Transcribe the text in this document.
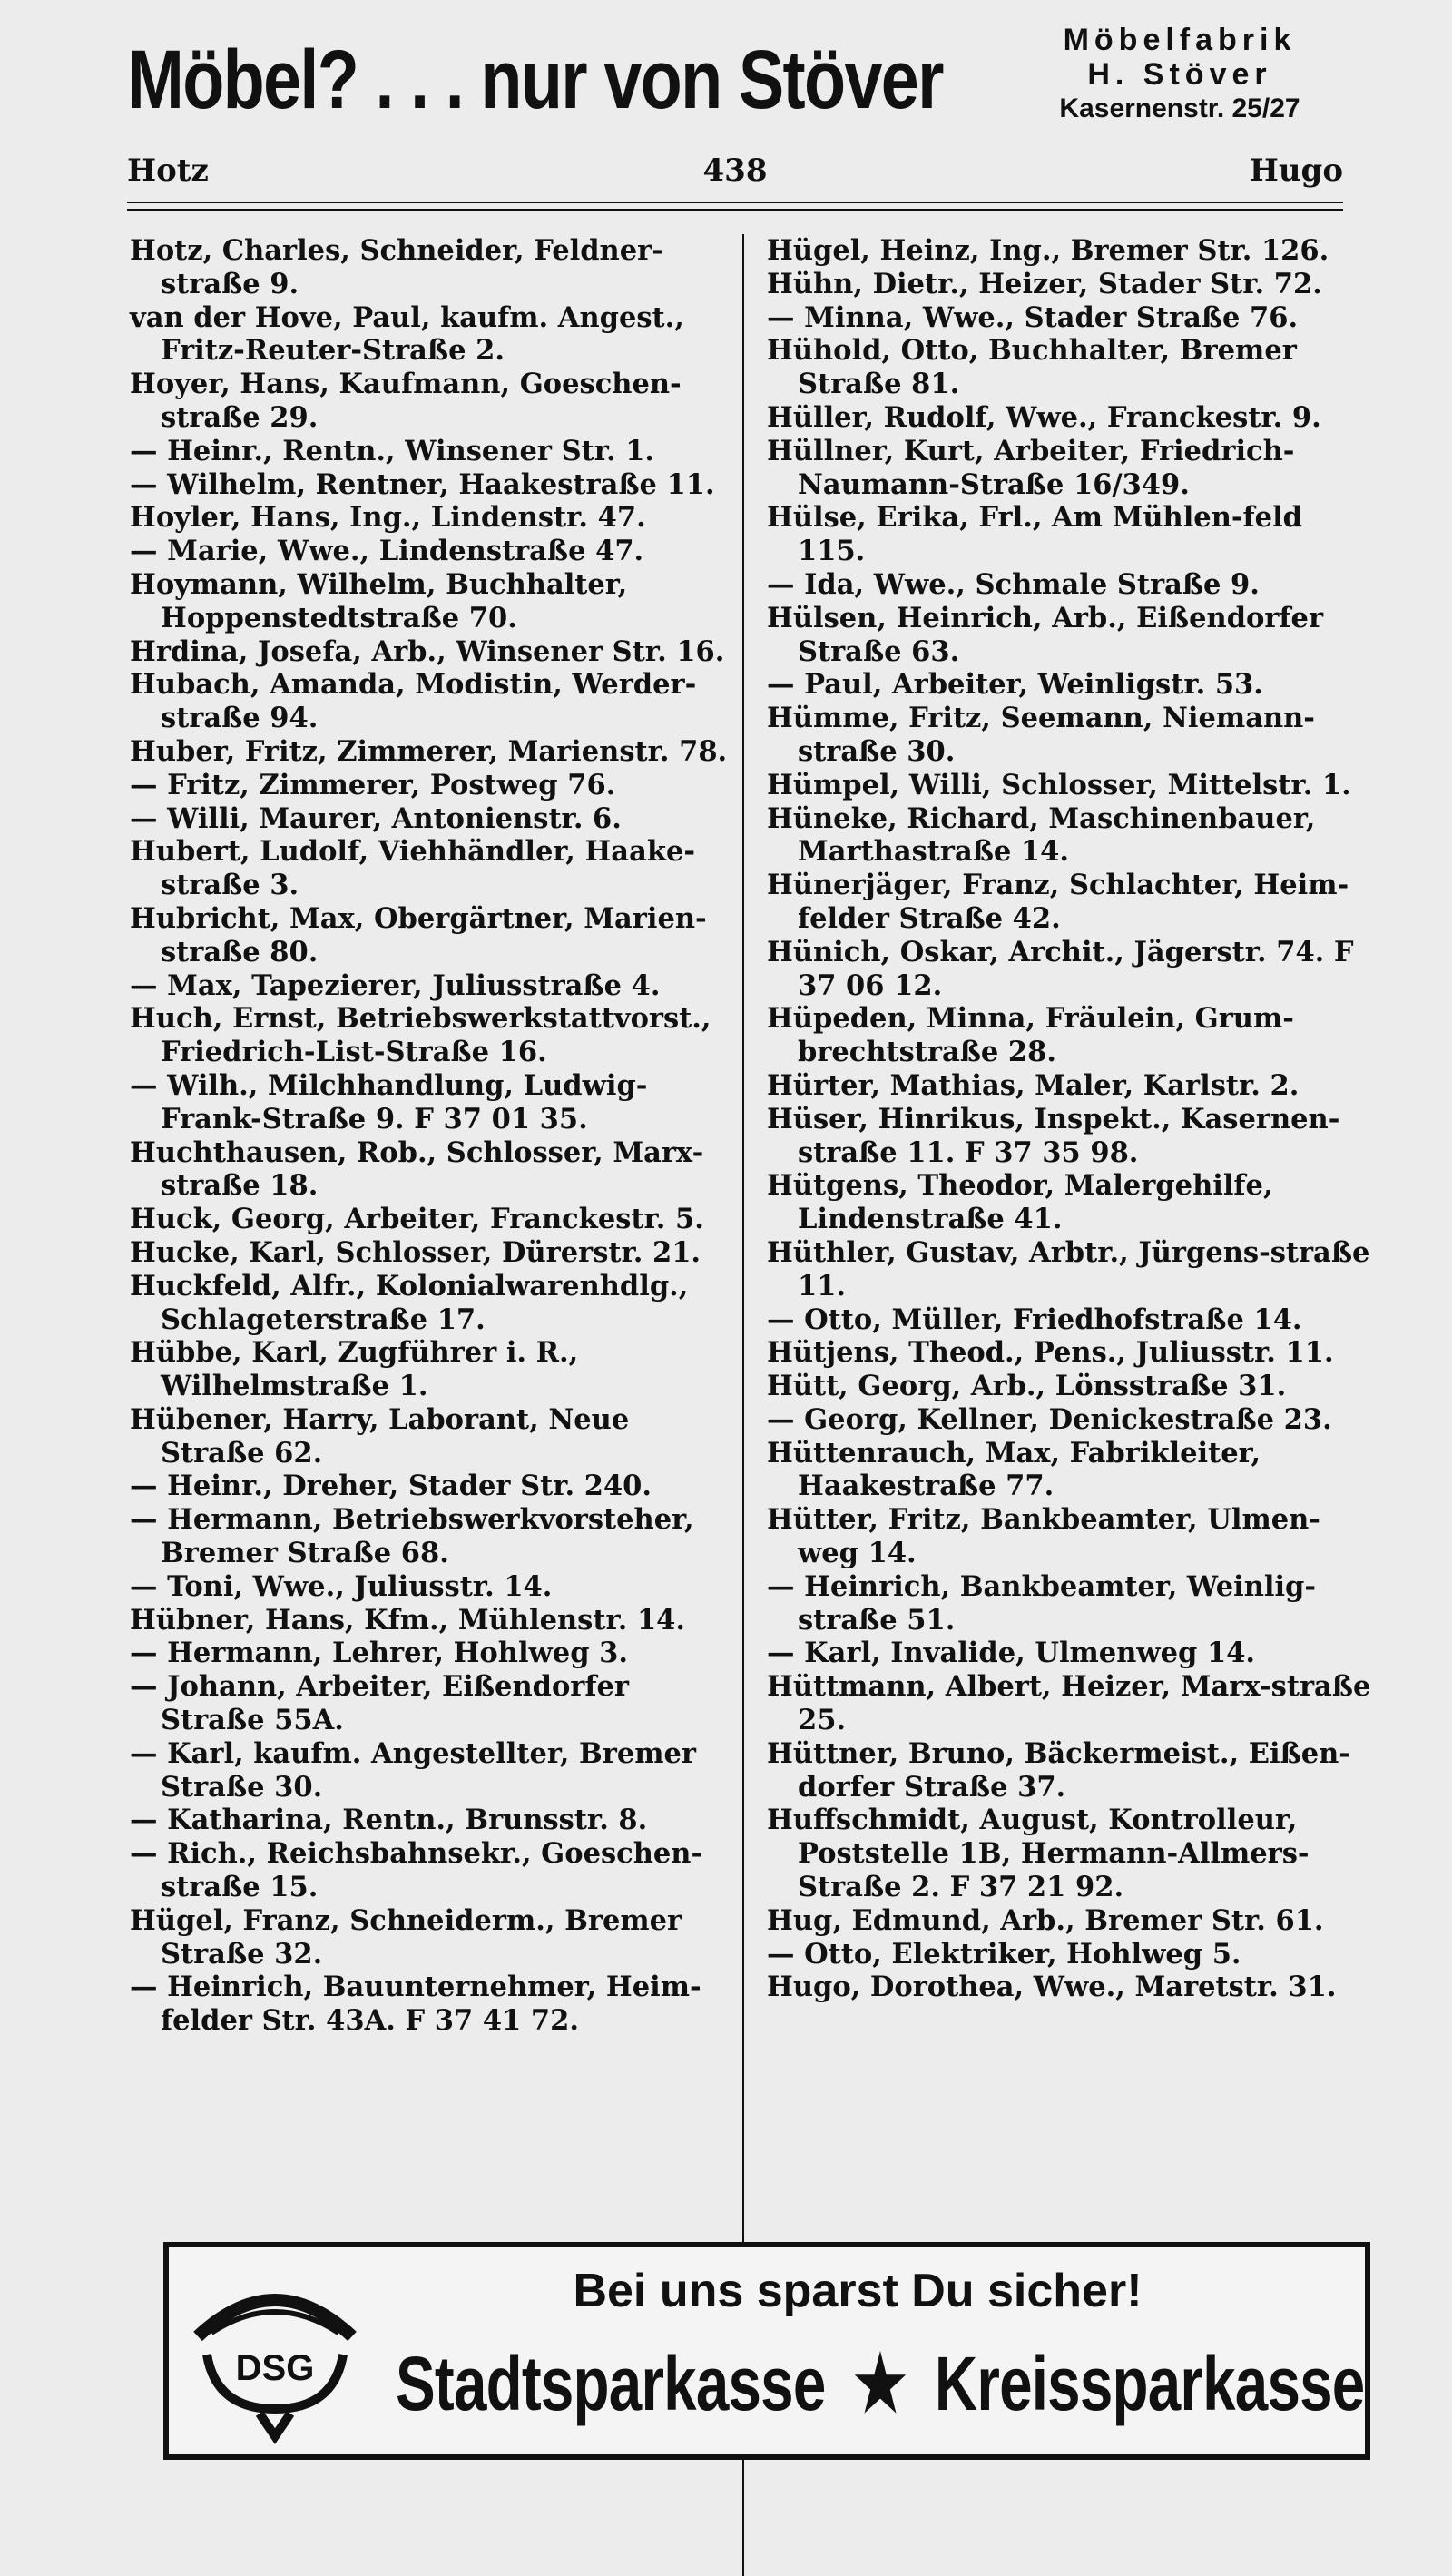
Möbel? . . . nur von Stöver	Möbelfabrik
H. Stöver
Kasernenstr. 25/27
Hotz	438	Hugo
Hotz, Charles, Schneider, Feldner-straße 9.
van der Hove, Paul, kaufm. Angest., Fritz-Reuter-Straße 2.
Hoyer, Hans, Kaufmann, Goeschen-straße 29.
— Heinr., Rentn., Winsener Str. 1.
— Wilhelm, Rentner, Haakestraße 11.
Hoyler, Hans, Ing., Lindenstr. 47.
— Marie, Wwe., Lindenstraße 47.
Hoymann, Wilhelm, Buchhalter, Hoppenstedtstraße 70.
Hrdina, Josefa, Arb., Winsener Str. 16.
Hubach, Amanda, Modistin, Werder-straße 94.
Huber, Fritz, Zimmerer, Marienstr. 78.
— Fritz, Zimmerer, Postweg 76.
— Willi, Maurer, Antonienstr. 6.
Hubert, Ludolf, Viehhändler, Haake-straße 3.
Hubricht, Max, Obergärtner, Marien-straße 80.
— Max, Tapezierer, Juliusstraße 4.
Huch, Ernst, Betriebswerkstattvorst., Friedrich-List-Straße 16.
— Wilh., Milchhandlung, Ludwig-Frank-Straße 9. F 37 01 35.
Huchthausen, Rob., Schlosser, Marx-straße 18.
Huck, Georg, Arbeiter, Franckestr. 5.
Hucke, Karl, Schlosser, Dürerstr. 21.
Huckfeld, Alfr., Kolonialwarenhdlg., Schlageterstraße 17.
Hübbe, Karl, Zugführer i. R., Wilhelmstraße 1.
Hübener, Harry, Laborant, Neue Straße 62.
— Heinr., Dreher, Stader Str. 240.
— Hermann, Betriebswerkvorsteher, Bremer Straße 68.
— Toni, Wwe., Juliusstr. 14.
Hübner, Hans, Kfm., Mühlenstr. 14.
— Hermann, Lehrer, Hohlweg 3.
— Johann, Arbeiter, Eißendorfer Straße 55A.
— Karl, kaufm. Angestellter, Bremer Straße 30.
— Katharina, Rentn., Brunsstr. 8.
— Rich., Reichsbahnsekr., Goeschen-straße 15.
Hügel, Franz, Schneiderm., Bremer Straße 32.
— Heinrich, Bauunternehmer, Heim-felder Str. 43A. F 37 41 72.
Hügel, Heinz, Ing., Bremer Str. 126.
Hühn, Dietr., Heizer, Stader Str. 72.
— Minna, Wwe., Stader Straße 76.
Hühold, Otto, Buchhalter, Bremer Straße 81.
Hüller, Rudolf, Wwe., Franckestr. 9.
Hüllner, Kurt, Arbeiter, Friedrich-Naumann-Straße 16/349.
Hülse, Erika, Frl., Am Mühlen-feld 115.
— Ida, Wwe., Schmale Straße 9.
Hülsen, Heinrich, Arb., Eißendorfer Straße 63.
— Paul, Arbeiter, Weinligstr. 53.
Hümme, Fritz, Seemann, Niemann-straße 30.
Hümpel, Willi, Schlosser, Mittelstr. 1.
Hüneke, Richard, Maschinenbauer, Marthastraße 14.
Hünerjäger, Franz, Schlachter, Heim-felder Straße 42.
Hünich, Oskar, Archit., Jägerstr. 74. F 37 06 12.
Hüpeden, Minna, Fräulein, Grum-brechtstraße 28.
Hürter, Mathias, Maler, Karlstr. 2.
Hüser, Hinrikus, Inspekt., Kasernen-straße 11. F 37 35 98.
Hütgens, Theodor, Malergehilfe, Lindenstraße 41.
Hüthler, Gustav, Arbtr., Jürgens-straße 11.
— Otto, Müller, Friedhofstraße 14.
Hütjens, Theod., Pens., Juliusstr. 11.
Hütt, Georg, Arb., Lönsstraße 31.
— Georg, Kellner, Denickestraße 23.
Hüttenrauch, Max, Fabrikleiter, Haakestraße 77.
Hütter, Fritz, Bankbeamter, Ulmen-weg 14.
— Heinrich, Bankbeamter, Weinlig-straße 51.
— Karl, Invalide, Ulmenweg 14.
Hüttmann, Albert, Heizer, Marx-straße 25.
Hüttner, Bruno, Bäckermeist., Eißen-dorfer Straße 37.
Huffschmidt, August, Kontrolleur, Poststelle 1B, Hermann-Allmers-Straße 2. F 37 21 92.
Hug, Edmund, Arb., Bremer Str. 61.
— Otto, Elektriker, Hohlweg 5.
Hugo, Dorothea, Wwe., Maretstr. 31.
DSG
Bei uns sparst Du sicher!
Stadtsparkasse ★ Kreissparkasse
